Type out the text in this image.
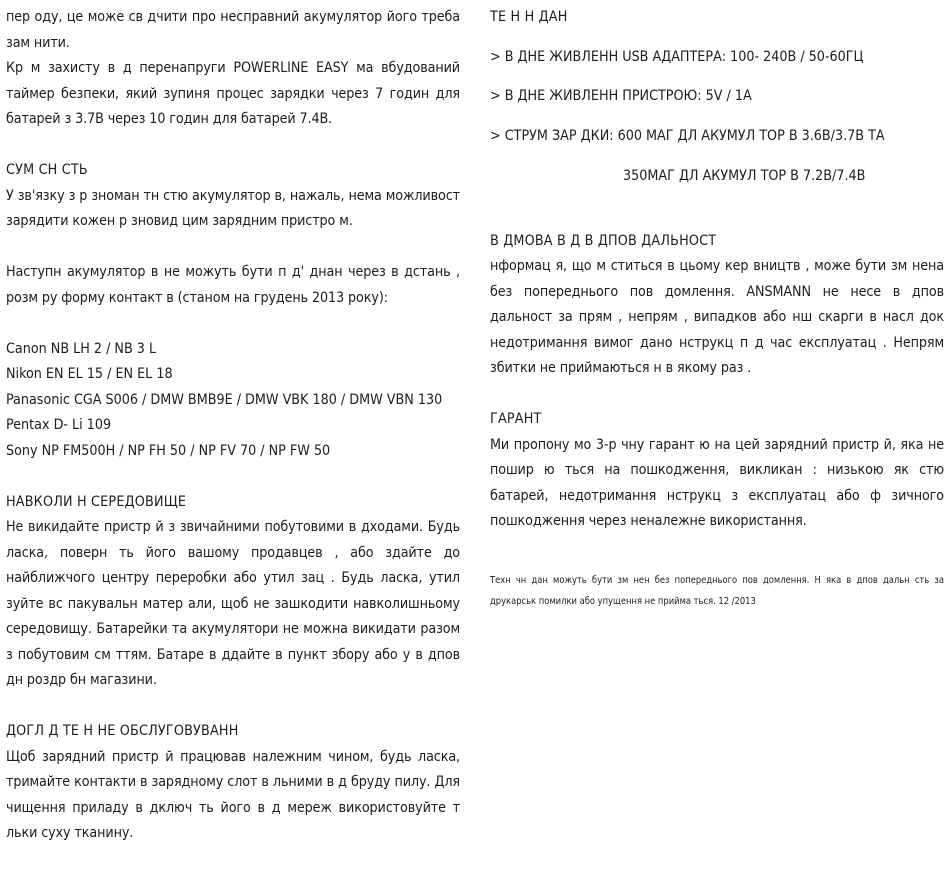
пер оду, це може св дчити про несправний акумулятор його треба зам нити.

Кр м захисту в д перенапруги POWERLINE EASY ма вбудований таймер безпеки, який зупиня процес зарядки через 7 годин для батарей з 3.7В через 10 годин для батарей 7.4В.

СУМ СН СТЬ

У зв'язку з р зноман тн стю акумулятор в, нажаль, нема можливост зарядити кожен р зновид цим зарядним пристро м.

Наступн акумулятор в не можуть бути п д' днан через в дстань , розм ру форму контакт в (станом на грудень 2013 року):

Canon NB LH 2 / NB 3 L

Nikon EN EL 15 / EN EL 18

Panasonic CGA S006 / DMW BMB9E / DMW VBK 180 / DMW VBN 130

Pentax D- Li 109

Sony NP FM500H / NP FH 50 / NP FV 70 / NP FW 50

НАВКОЛИ Н СЕРЕДОВИЩЕ

Не викидайте пристр й з звичайними побутовими в дходами. Будь ласка, поверн ть його вашому продавцев , або здайте до найближчого центру переробки або утил зац . Будь ласка, утил зуйте вс пакувальн матер али, щоб не зашкодити навколишньому середовищу. Батарейки та акумулятори не можна викидати разом з побутовим см ттям. Батаре в ддайте в пункт збору або у в дпов дн роздр бн магазини.

ДОГЛ Д ТЕ Н НЕ ОБСЛУГОВУВАНН

Щоб зарядний пристр й працював належним чином, будь ласка, тримайте контакти в зарядному слот в льними в д бруду пилу. Для чищення приладу в дключ ть його в д мереж використовуйте т льки суху тканину.

ТЕ Н Н ДАН

> В ДНЕ ЖИВЛЕНН USB АДАПТЕРА: 100- 240В / 50-60ГЦ

> В ДНЕ ЖИВЛЕНН ПРИСТРОЮ: 5V / 1A

> СТРУМ ЗАР ДКИ: 600 МАГ ДЛ АКУМУЛ ТОР В 3.6В/3.7В ТА

350МАГ ДЛ АКУМУЛ ТОР В 7.2В/7.4В

В ДМОВА В Д В ДПОВ ДАЛЬНОСТ

нформац я, що м ститься в цьому кер вництв , може бути зм нена без попереднього пов домлення. ANSMANN не несе в дпов дальност за прям , непрям , випадков або нш скарги в насл док недотримання вимог дано нструкц п д час експлуатац . Непрям збитки не приймаються н в якому раз .

ГАРАНТ

Ми пропону мо 3-р чну гарант ю на цей зарядний пристр й, яка не пошир ю ться на пошкодження, викликан : низькою як стю батарей, недотримання нструкц з експлуатац або ф зичного пошкодження через неналежне використання.

Техн чн дан можуть бути зм нен без попереднього пов домлення. Н яка в дпов дальн сть за друкарськ помилки або упущення не прийма ться. 12 /2013
